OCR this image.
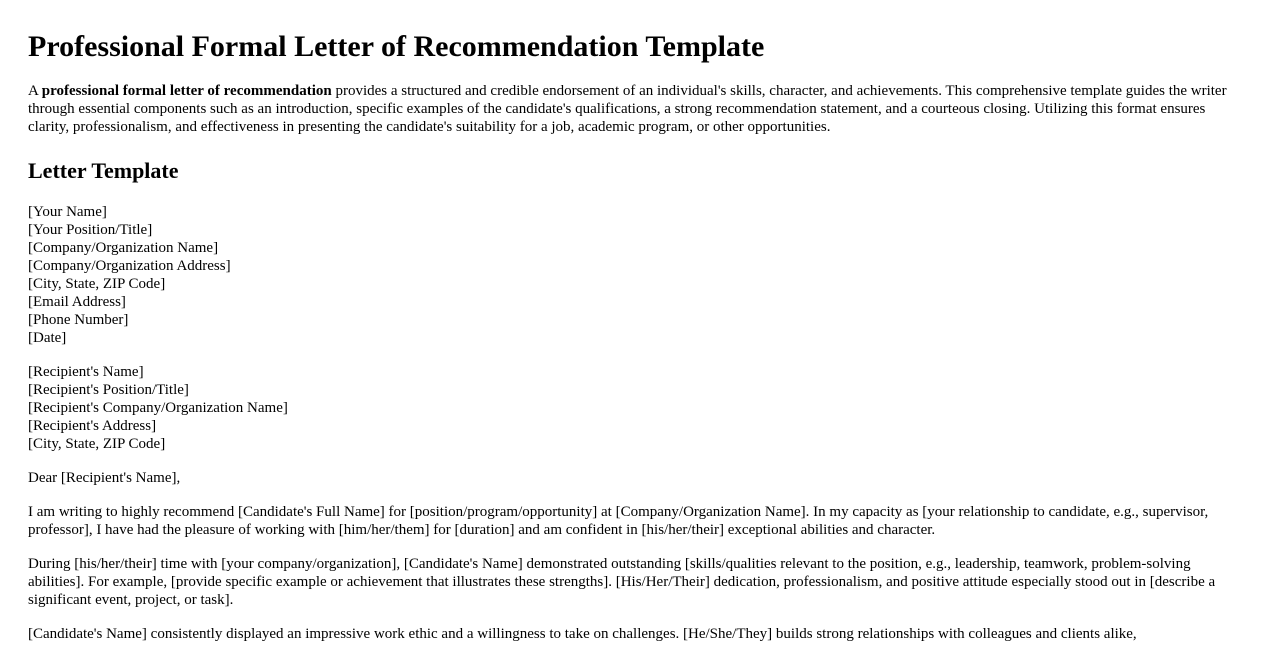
Professional Formal Letter of Recommendation Template

A professional formal letter of recommendation provides a structured and credible endorsement of an individual's skills, character, and achievements. This comprehensive template guides the writer through essential components such as an introduction, specific examples of the candidate's qualifications, a strong recommendation statement, and a courteous closing. Utilizing this format ensures clarity, professionalism, and effectiveness in presenting the candidate's suitability for a job, academic program, or other opportunities.

Letter Template
[Your Name]
[Your Position/Title]
[Company/Organization Name]
[Company/Organization Address]
[City, State, ZIP Code]
[Email Address]
[Phone Number]
[Date]
[Recipient's Name]
[Recipient's Position/Title]
[Recipient's Company/Organization Name]
[Recipient's Address]
[City, State, ZIP Code]

Dear [Recipient's Name],

I am writing to highly recommend [Candidate's Full Name] for [position/program/opportunity] at [Company/Organization Name]. In my capacity as [your relationship to candidate, e.g., supervisor, professor], I have had the pleasure of working with [him/her/them] for [duration] and am confident in [his/her/their] exceptional abilities and character.

During [his/her/their] time with [your company/organization], [Candidate's Name] demonstrated outstanding [skills/qualities relevant to the position, e.g., leadership, teamwork, problem-solving abilities]. For example, [provide specific example or achievement that illustrates these strengths]. [His/Her/Their] dedication, professionalism, and positive attitude especially stood out in [describe a significant event, project, or task].

[Candidate's Name] consistently displayed an impressive work ethic and a willingness to take on challenges. [He/She/They] builds strong relationships with colleagues and clients alike,
